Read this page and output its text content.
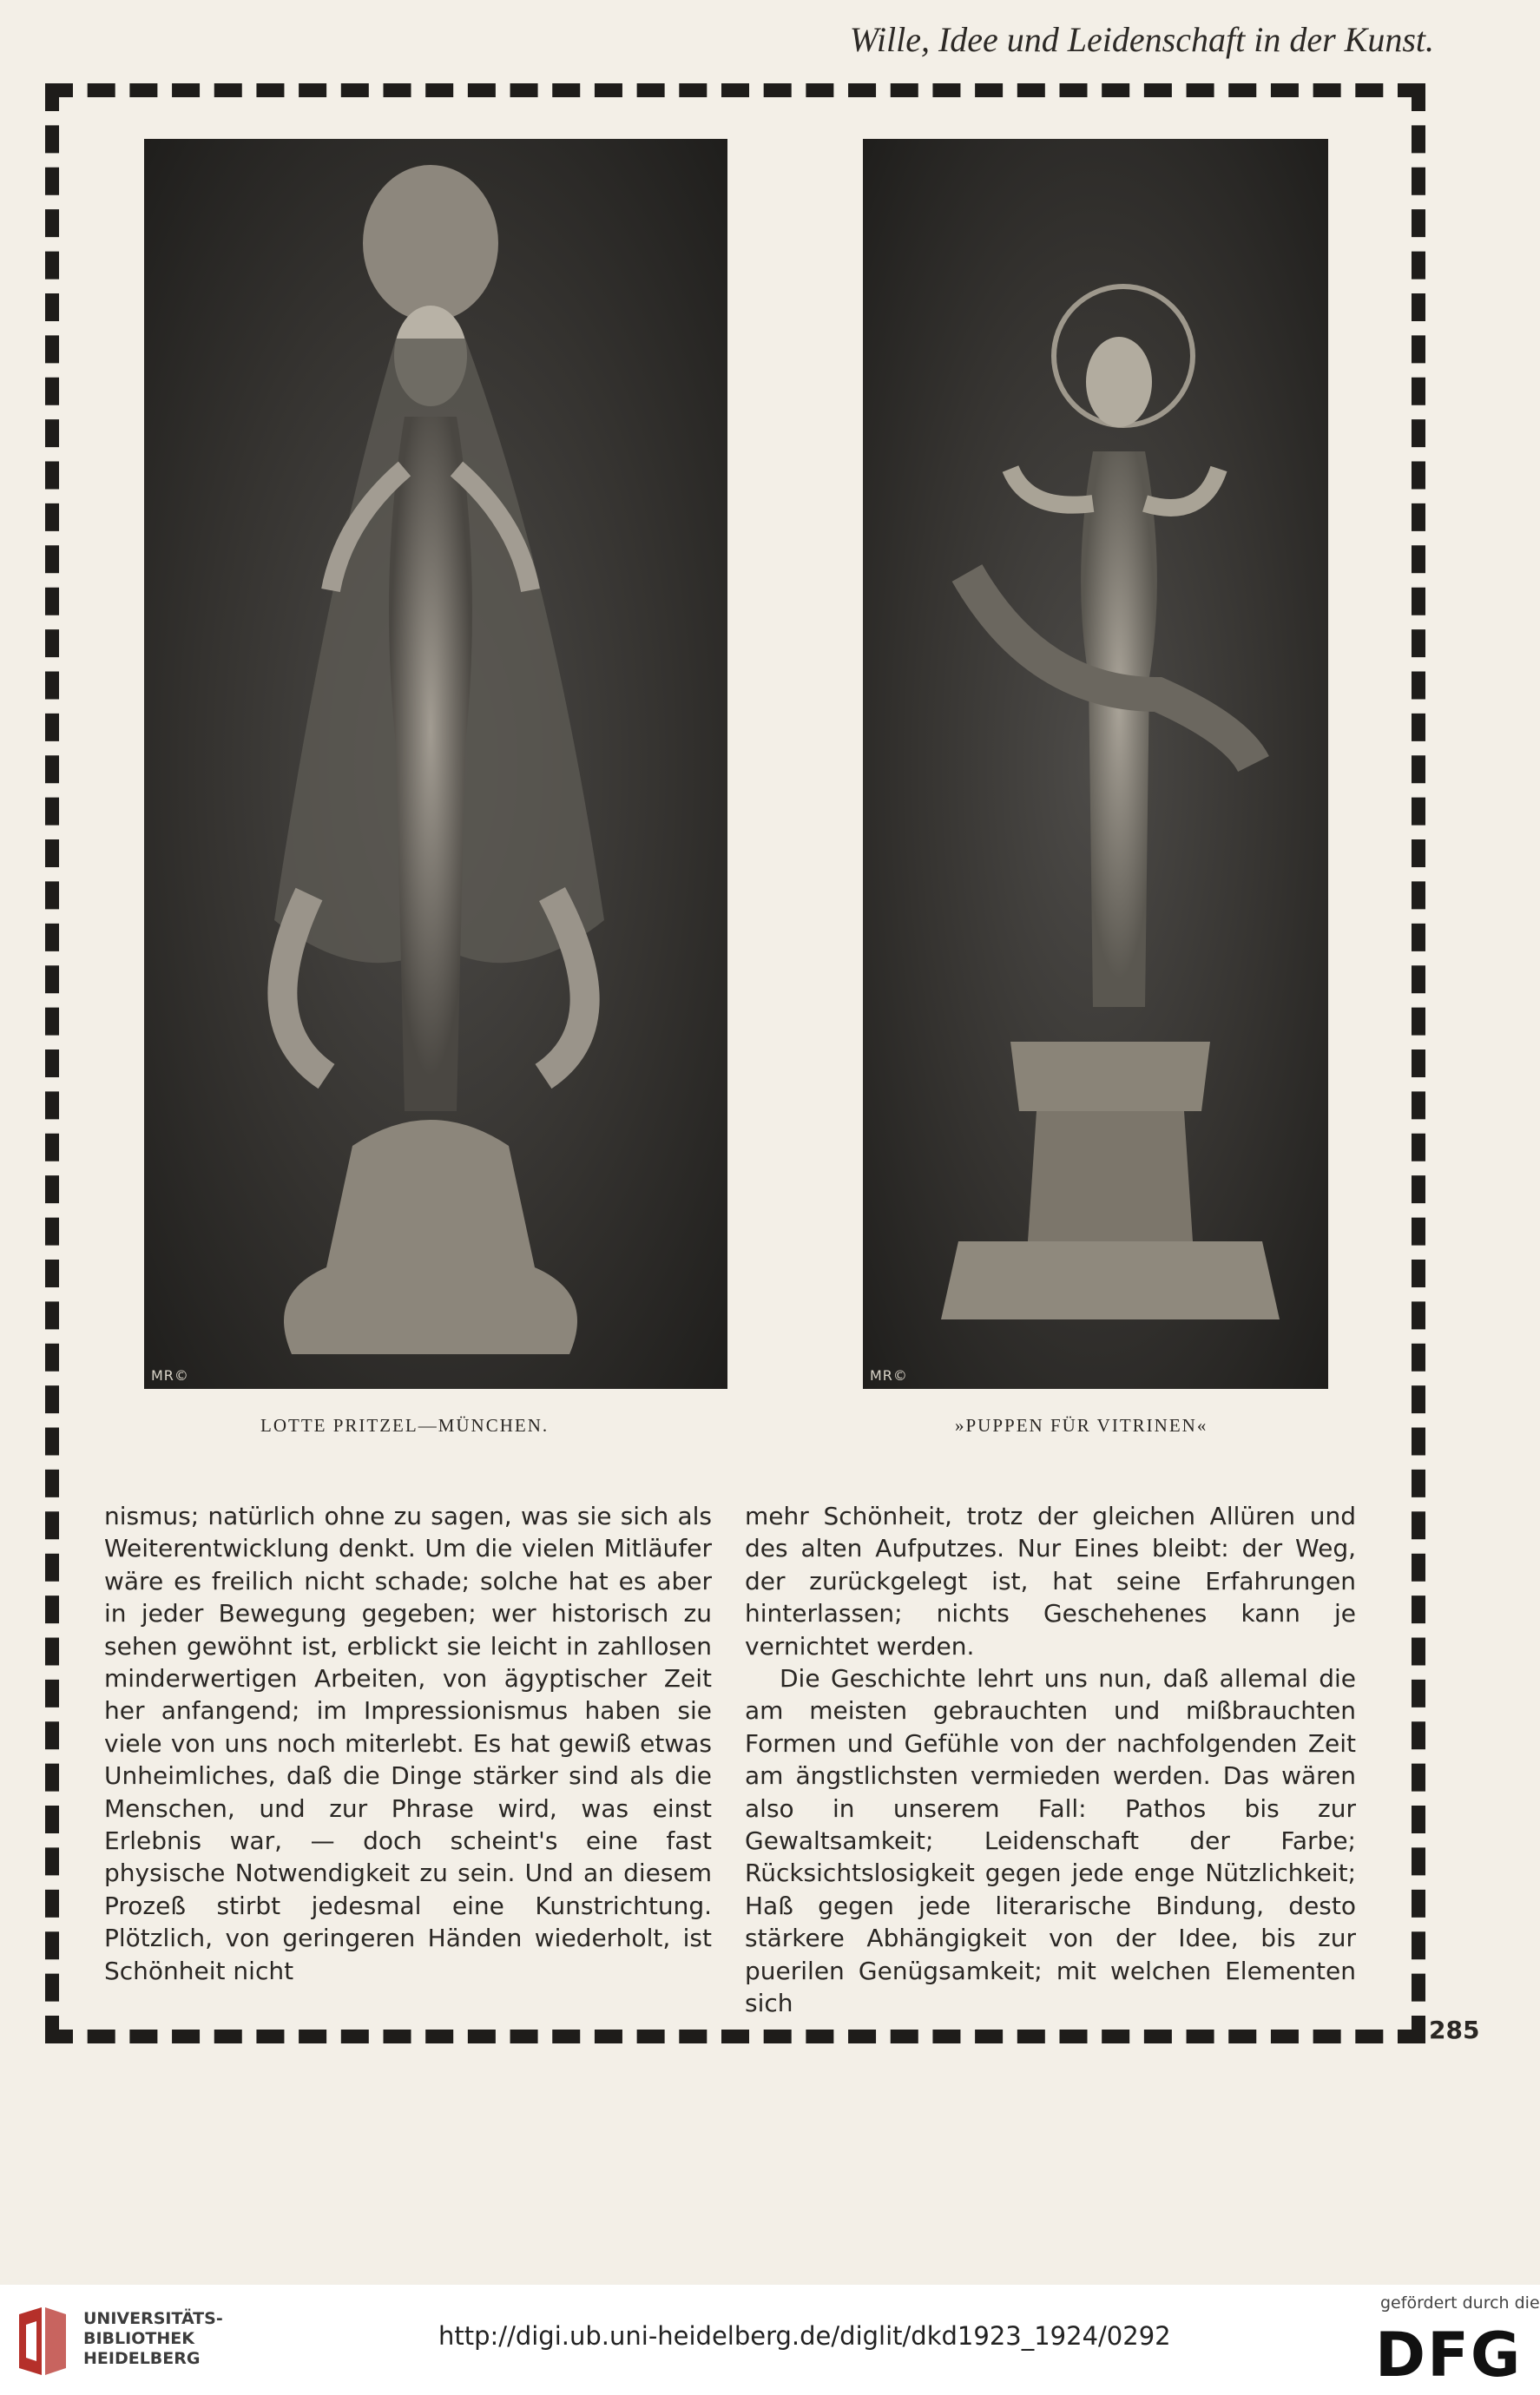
Wille, Idee und Leidenschaft in der Kunst.
MR©	MR©
LOTTE PRITZEL—MÜNCHEN.	»PUPPEN FÜR VITRINEN«

nismus; natürlich ohne zu sagen, was sie sich als Weiterentwicklung denkt. Um die vielen Mitläufer wäre es freilich nicht schade; solche hat es aber in jeder Bewegung gegeben; wer historisch zu sehen gewöhnt ist, erblickt sie leicht in zahllosen minderwertigen Arbeiten, von ägyptischer Zeit her anfangend; im Impressionismus haben sie viele von uns noch miterlebt. Es hat gewiß etwas Unheimliches, daß die Dinge stärker sind als die Menschen, und zur Phrase wird, was einst Erlebnis war, — doch scheint's eine fast physische Notwendigkeit zu sein. Und an diesem Prozeß stirbt jedesmal eine Kunstrichtung. Plötzlich, von geringeren Händen wiederholt, ist Schönheit nicht

mehr Schönheit, trotz der gleichen Allüren und des alten Aufputzes. Nur Eines bleibt: der Weg, der zurückgelegt ist, hat seine Erfahrungen hinterlassen; nichts Geschehenes kann je vernichtet werden.

Die Geschichte lehrt uns nun, daß allemal die am meisten gebrauchten und mißbrauchten Formen und Gefühle von der nachfolgenden Zeit am ängstlichsten vermieden werden. Das wären also in unserem Fall: Pathos bis zur Gewaltsamkeit; Leidenschaft der Farbe; Rücksichtslosigkeit gegen jede enge Nützlichkeit; Haß gegen jede literarische Bindung, desto stärkere Abhängigkeit von der Idee, bis zur puerilen Genügsamkeit; mit welchen Elementen sich

285
UNIVERSITÄTS-
BIBLIOTHEK
HEIDELBERG
http://digi.ub.uni-heidelberg.de/diglit/dkd1923_1924/0292
gefördert durch die
DFG
